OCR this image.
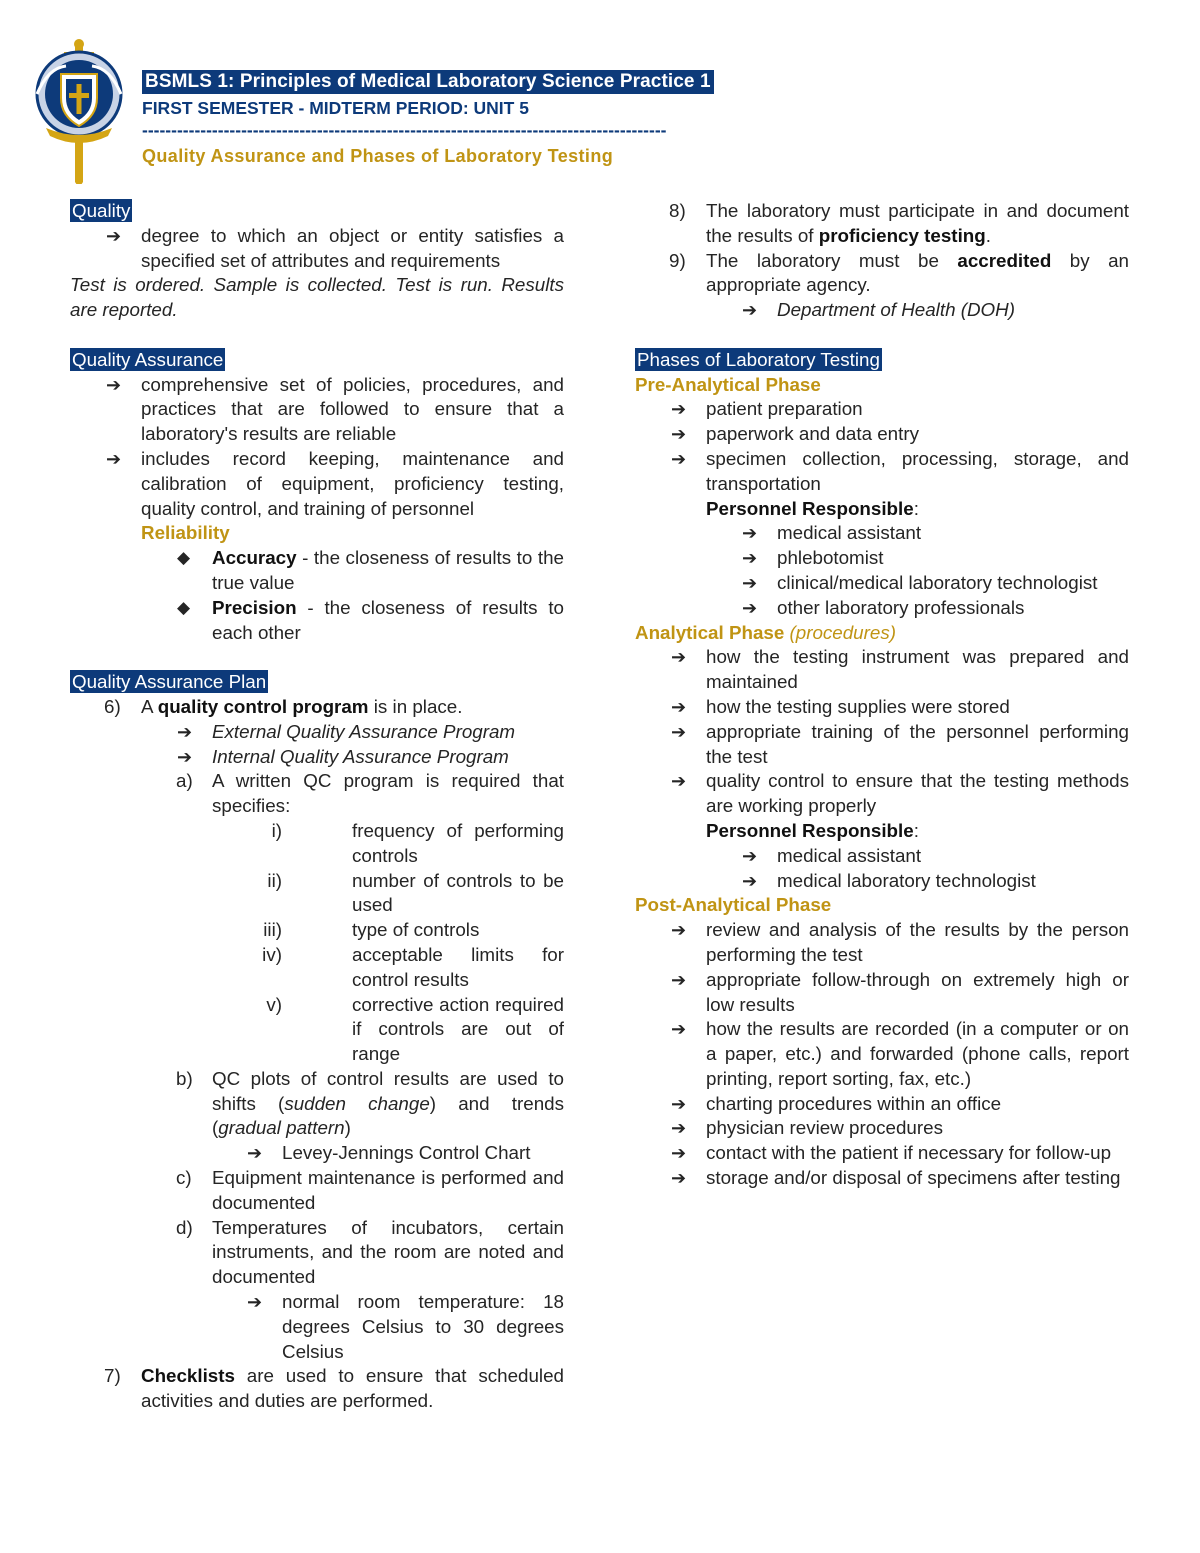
BSMLS 1: Principles of Medical Laboratory Science Practice 1
FIRST SEMESTER - MIDTERM PERIOD: UNIT 5
------------------------------------------------------------------------------------------
Quality Assurance and Phases of Laboratory Testing
Quality
➔	degree to which an object or entity satisfies a specified set of attributes and requirements
Test is ordered. Sample is collected. Test is run. Results are reported.
Quality Assurance
➔	comprehensive set of policies, procedures, and practices that are followed to ensure that a laboratory's results are reliable
➔	includes record keeping, maintenance and calibration of equipment, proficiency testing, quality control, and training of personnel
Reliability
◆	Accuracy - the closeness of results to the true value
◆	Precision - the closeness of results to each other
Quality Assurance Plan
6)	A quality control program is in place.
➔	External Quality Assurance Program
➔	Internal Quality Assurance Program
a)	A written QC program is required that specifies:
i)	frequency of performing controls
ii)	number of controls to be used
iii)	type of controls
iv)	acceptable limits for control results
v)	corrective action required if controls are out of range
b)	QC plots of control results are used to shifts (sudden change) and trends (gradual pattern)
➔	Levey-Jennings Control Chart
c)	Equipment maintenance is performed and documented
d)	Temperatures of incubators, certain instruments, and the room are noted and documented
➔	normal room temperature: 18 degrees Celsius to 30 degrees Celsius
7)	Checklists are used to ensure that scheduled activities and duties are performed.
8)	The laboratory must participate in and document the results of proficiency testing.
9)	The laboratory must be accredited by an appropriate agency.
➔	Department of Health (DOH)
Phases of Laboratory Testing
Pre-Analytical Phase
➔	patient preparation
➔	paperwork and data entry
➔	specimen collection, processing, storage, and transportation
Personnel Responsible:
➔	medical assistant
➔	phlebotomist
➔	clinical/medical laboratory technologist
➔	other laboratory professionals
Analytical Phase (procedures)
➔	how the testing instrument was prepared and maintained
➔	how the testing supplies were stored
➔	appropriate training of the personnel performing the test
➔	quality control to ensure that the testing methods are working properly
Personnel Responsible:
➔	medical assistant
➔	medical laboratory technologist
Post-Analytical Phase
➔	review and analysis of the results by the person performing the test
➔	appropriate follow-through on extremely high or low results
➔	how the results are recorded (in a computer or on a paper, etc.) and forwarded (phone calls, report printing, report sorting, fax, etc.)
➔	charting procedures within an office
➔	physician review procedures
➔	contact with the patient if necessary for follow-up
➔	storage and/or disposal of specimens after testing
